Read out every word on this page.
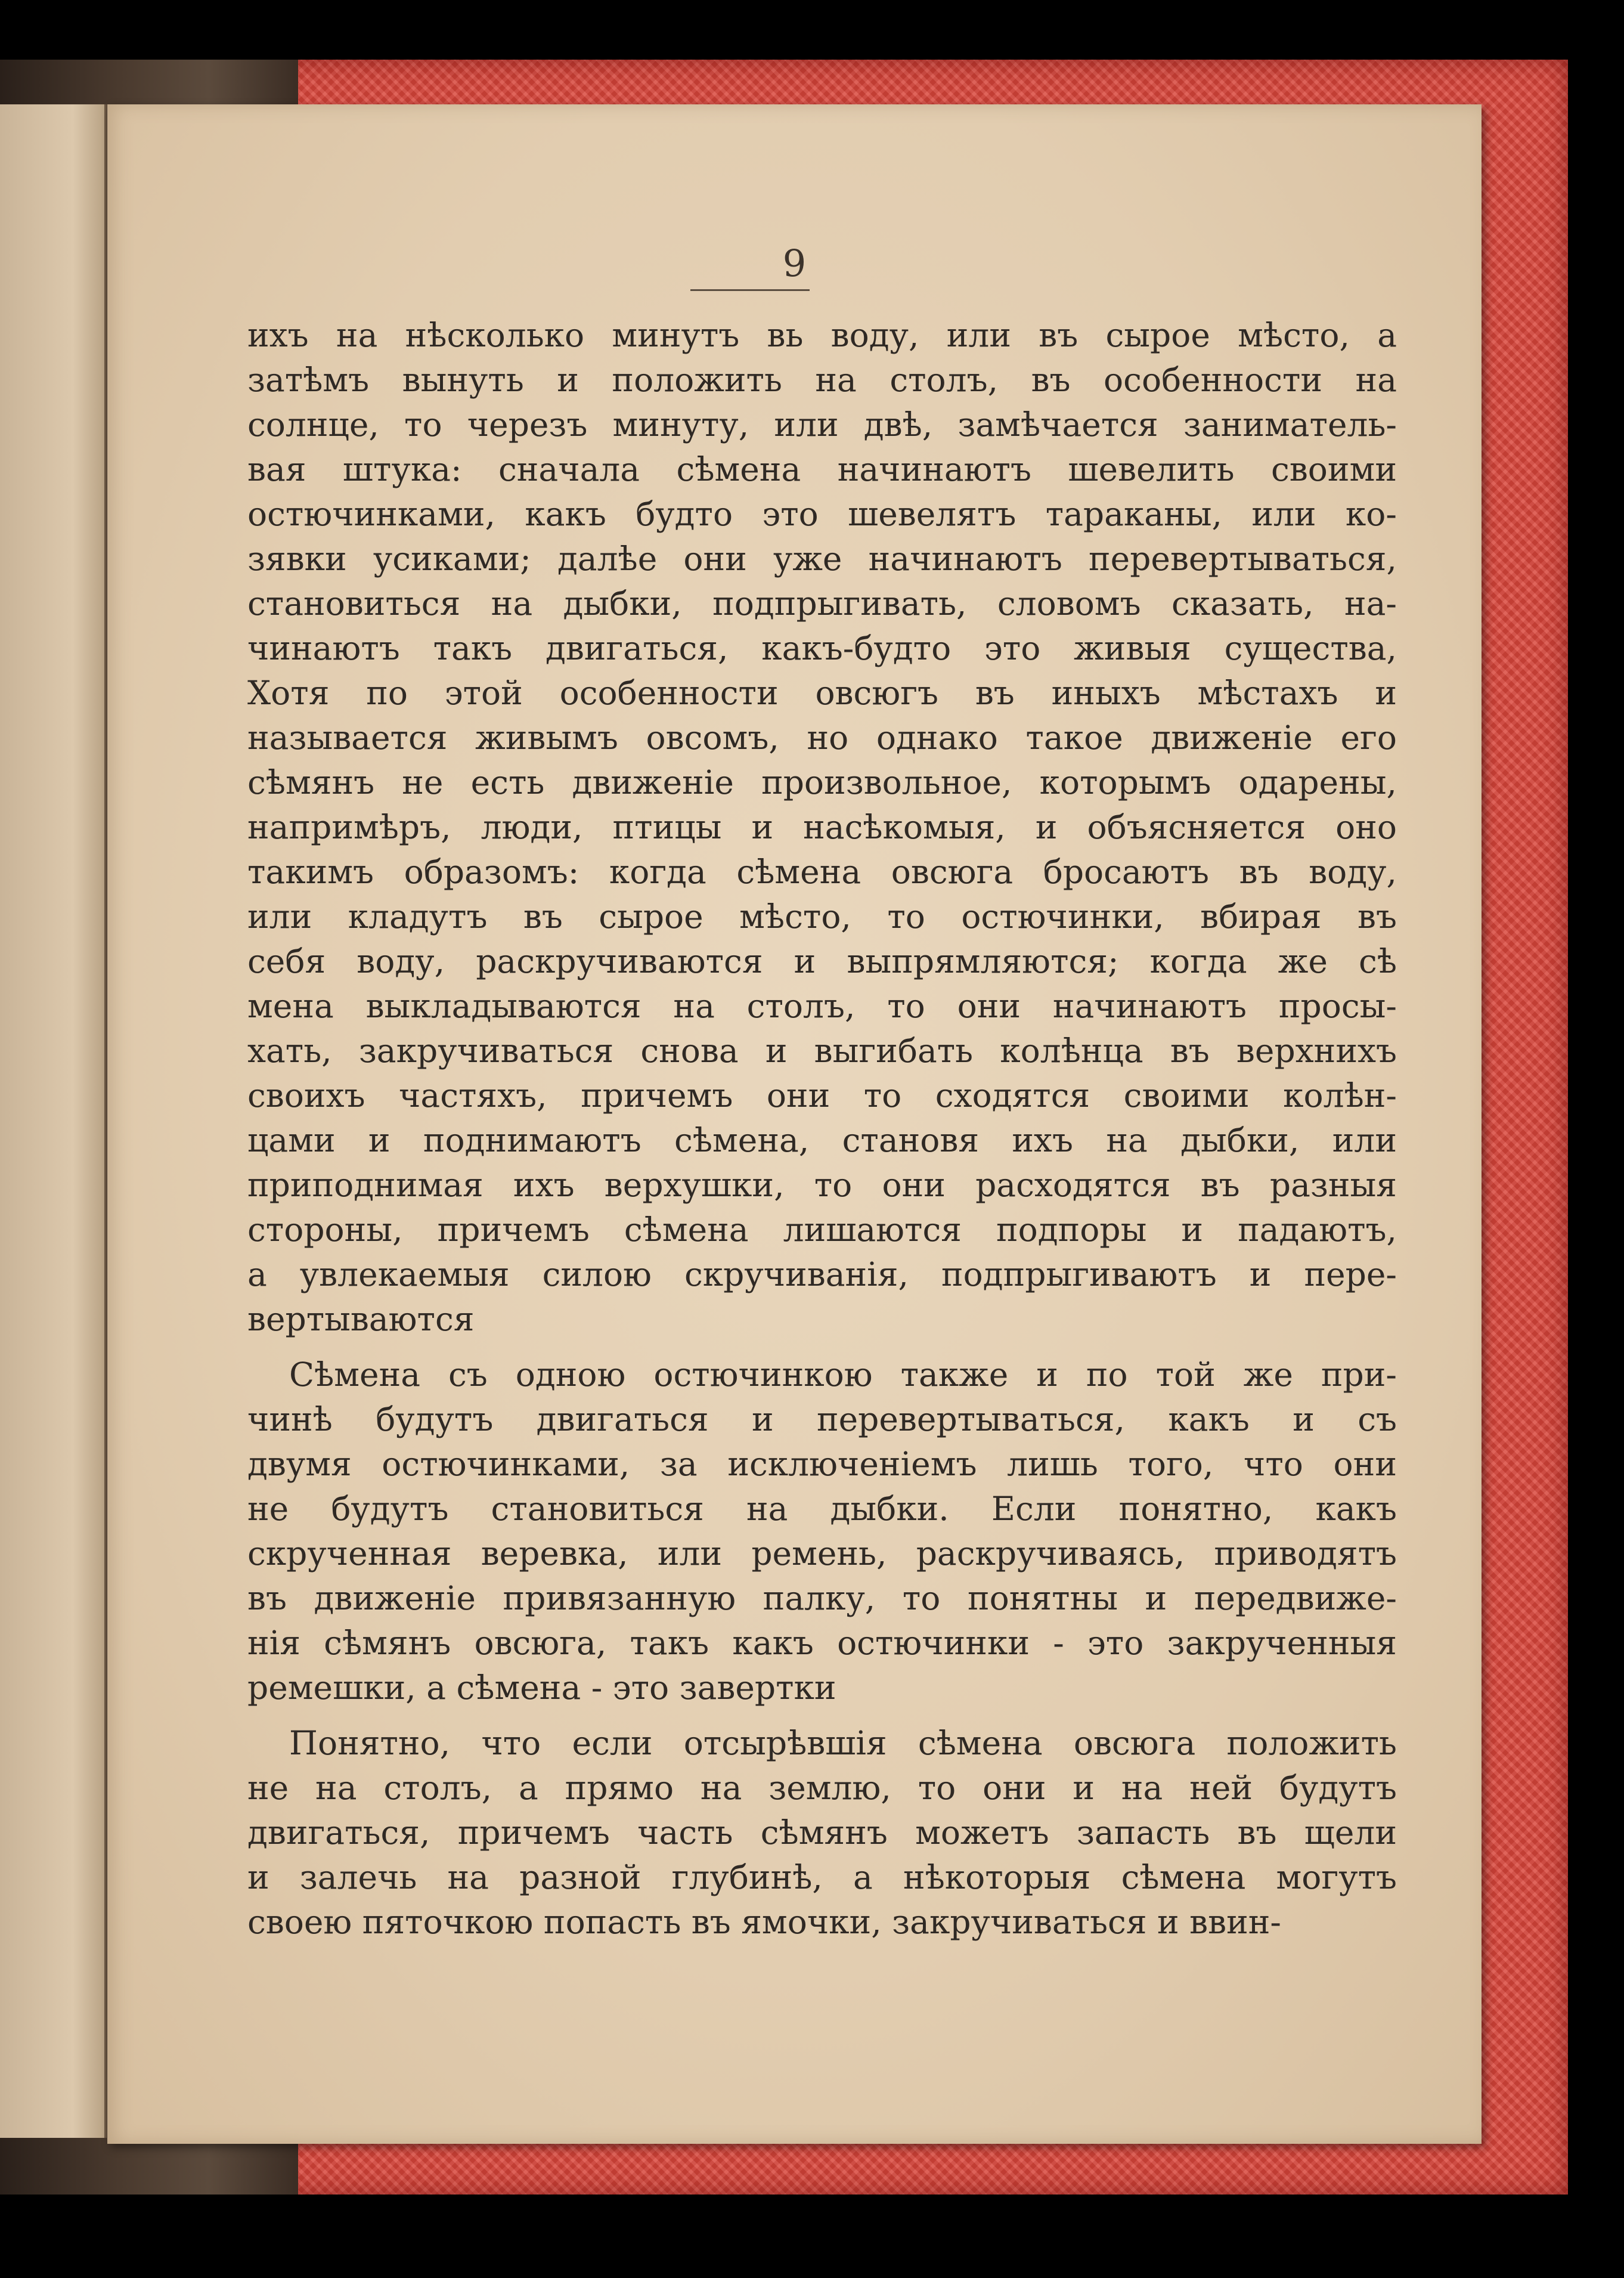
9
ихъ на нѣсколько минутъ вь воду, или въ сырое мѣсто, а
затѣмъ вынуть и положить на столъ, въ особенности на
солнце, то черезъ минуту, или двѣ, замѣчается заниматель-
вая штука: сначала сѣмена начинаютъ шевелить своими
остючинками, какъ будто это шевелятъ тараканы, или ко-
зявки усиками; далѣе они уже начинаютъ перевертываться,
становиться на дыбки, подпрыгивать, словомъ сказать, на-
чинаютъ такъ двигаться, какъ-будто это живыя существа,
Хотя по этой особенности овсюгъ въ иныхъ мѣстахъ и
называется живымъ овсомъ, но однако такое движеніе его
сѣмянъ не есть движеніе произвольное, которымъ одарены,
напримѣръ, люди, птицы и насѣкомыя, и объясняется оно
такимъ образомъ: когда сѣмена овсюга бросаютъ въ воду,
или кладутъ въ сырое мѣсто, то остючинки, вбирая въ
себя воду, раскручиваются и выпрямляются; когда же сѣ
мена выкладываются на столъ, то они начинаютъ просы-
хать, закручиваться снова и выгибать колѣнца въ верхнихъ
своихъ частяхъ, причемъ они то сходятся своими колѣн-
цами и поднимаютъ сѣмена, становя ихъ на дыбки, или
приподнимая ихъ верхушки, то они расходятся въ разныя
стороны, причемъ сѣмена лишаются подпоры и падаютъ,
а увлекаемыя силою скручиванія, подпрыгиваютъ и пере-
вертываются
Сѣмена съ одною остючинкою также и по той же при-
чинѣ будутъ двигаться и перевертываться, какъ и съ
двумя остючинками, за исключеніемъ лишь того, что они
не будутъ становиться на дыбки. Если понятно, какъ
скрученная веревка, или ремень, раскручиваясь, приводятъ
въ движеніе привязанную палку, то понятны и передвиже-
нія сѣмянъ овсюга, такъ какъ остючинки - это закрученныя
ремешки, а сѣмена - это завертки
Понятно, что если отсырѣвшія сѣмена овсюга положить
не на столъ, а прямо на землю, то они и на ней будутъ
двигаться, причемъ часть сѣмянъ можетъ запасть въ щели
и залечь на разной глубинѣ, а нѣкоторыя сѣмена могутъ
своею пяточкою попасть въ ямочки, закручиваться и ввин-
